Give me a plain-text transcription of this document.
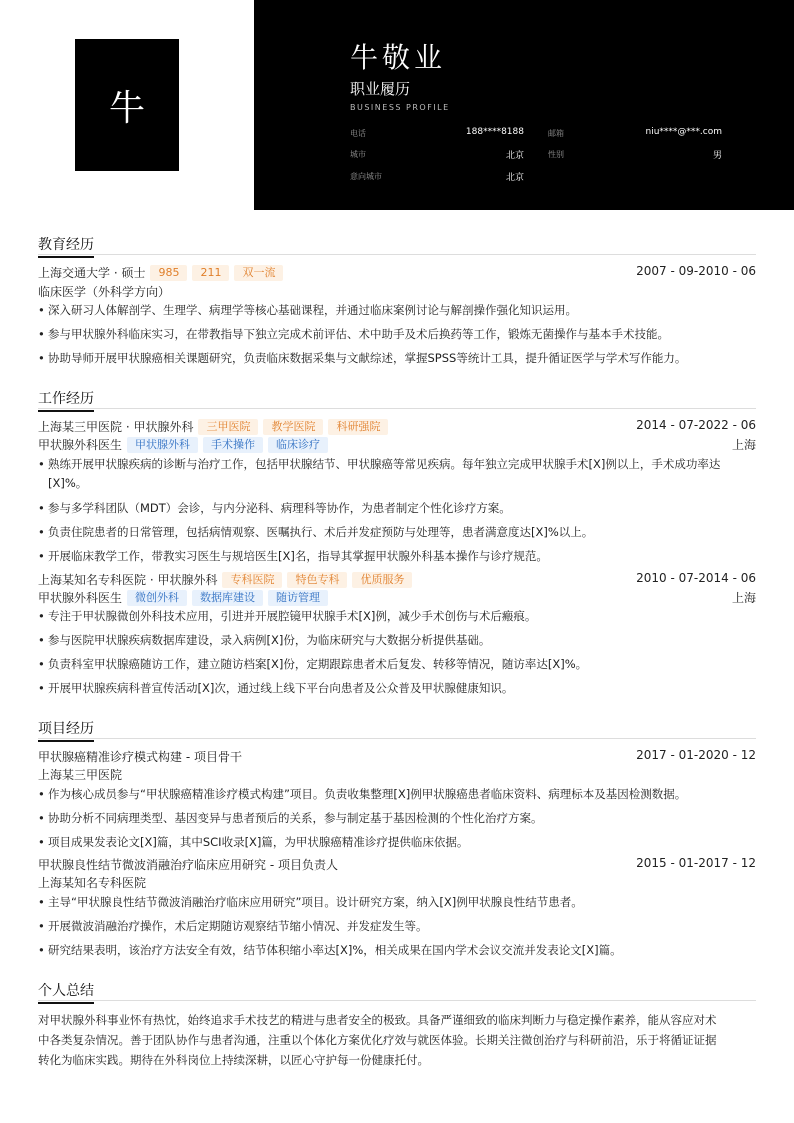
牛
牛敬业
职业履历
BUSINESS PROFILE
电话	188****8188	邮箱	niu****@***.com
城市	北京	性别	男
意向城市	北京
教育经历
上海交通大学 · 硕士	985	211	双一流	2007 - 09-2010 - 06
临床医学（外科学方向）
• 深入研习人体解剖学、生理学、病理学等核心基础课程，并通过临床案例讨论与解剖操作强化知识运用。
• 参与甲状腺外科临床实习，在带教指导下独立完成术前评估、术中助手及术后换药等工作，锻炼无菌操作与基本手术技能。
• 协助导师开展甲状腺癌相关课题研究，负责临床数据采集与文献综述，掌握SPSS等统计工具，提升循证医学与学术写作能力。
工作经历
上海某三甲医院 · 甲状腺外科	三甲医院	教学医院	科研强院	2014 - 07-2022 - 06
甲状腺外科医生	甲状腺外科	手术操作	临床诊疗	上海
• 熟练开展甲状腺疾病的诊断与治疗工作，包括甲状腺结节、甲状腺癌等常见疾病。每年独立完成甲状腺手术[X]例以上，手术成功率达
[X]%。
• 参与多学科团队（MDT）会诊，与内分泌科、病理科等协作，为患者制定个性化诊疗方案。
• 负责住院患者的日常管理，包括病情观察、医嘱执行、术后并发症预防与处理等，患者满意度达[X]%以上。
• 开展临床教学工作，带教实习医生与规培医生[X]名，指导其掌握甲状腺外科基本操作与诊疗规范。
上海某知名专科医院 · 甲状腺外科	专科医院	特色专科	优质服务	2010 - 07-2014 - 06
甲状腺外科医生	微创外科	数据库建设	随访管理	上海
• 专注于甲状腺微创外科技术应用，引进并开展腔镜甲状腺手术[X]例，减少手术创伤与术后瘢痕。
• 参与医院甲状腺疾病数据库建设，录入病例[X]份，为临床研究与大数据分析提供基础。
• 负责科室甲状腺癌随访工作，建立随访档案[X]份，定期跟踪患者术后复发、转移等情况，随访率达[X]%。
• 开展甲状腺疾病科普宣传活动[X]次，通过线上线下平台向患者及公众普及甲状腺健康知识。
项目经历
甲状腺癌精准诊疗模式构建 - 项目骨干	2017 - 01-2020 - 12
上海某三甲医院
• 作为核心成员参与“甲状腺癌精准诊疗模式构建”项目。负责收集整理[X]例甲状腺癌患者临床资料、病理标本及基因检测数据。
• 协助分析不同病理类型、基因变异与患者预后的关系，参与制定基于基因检测的个性化治疗方案。
• 项目成果发表论文[X]篇，其中SCI收录[X]篇，为甲状腺癌精准诊疗提供临床依据。
甲状腺良性结节微波消融治疗临床应用研究 - 项目负责人	2015 - 01-2017 - 12
上海某知名专科医院
• 主导“甲状腺良性结节微波消融治疗临床应用研究”项目。设计研究方案，纳入[X]例甲状腺良性结节患者。
• 开展微波消融治疗操作，术后定期随访观察结节缩小情况、并发症发生等。
• 研究结果表明，该治疗方法安全有效，结节体积缩小率达[X]%，相关成果在国内学术会议交流并发表论文[X]篇。
个人总结
对甲状腺外科事业怀有热忱，始终追求手术技艺的精进与患者安全的极致。具备严谨细致的临床判断力与稳定操作素养，能从容应对术
中各类复杂情况。善于团队协作与患者沟通，注重以个体化方案优化疗效与就医体验。长期关注微创治疗与科研前沿，乐于将循证证据
转化为临床实践。期待在外科岗位上持续深耕，以匠心守护每一份健康托付。
